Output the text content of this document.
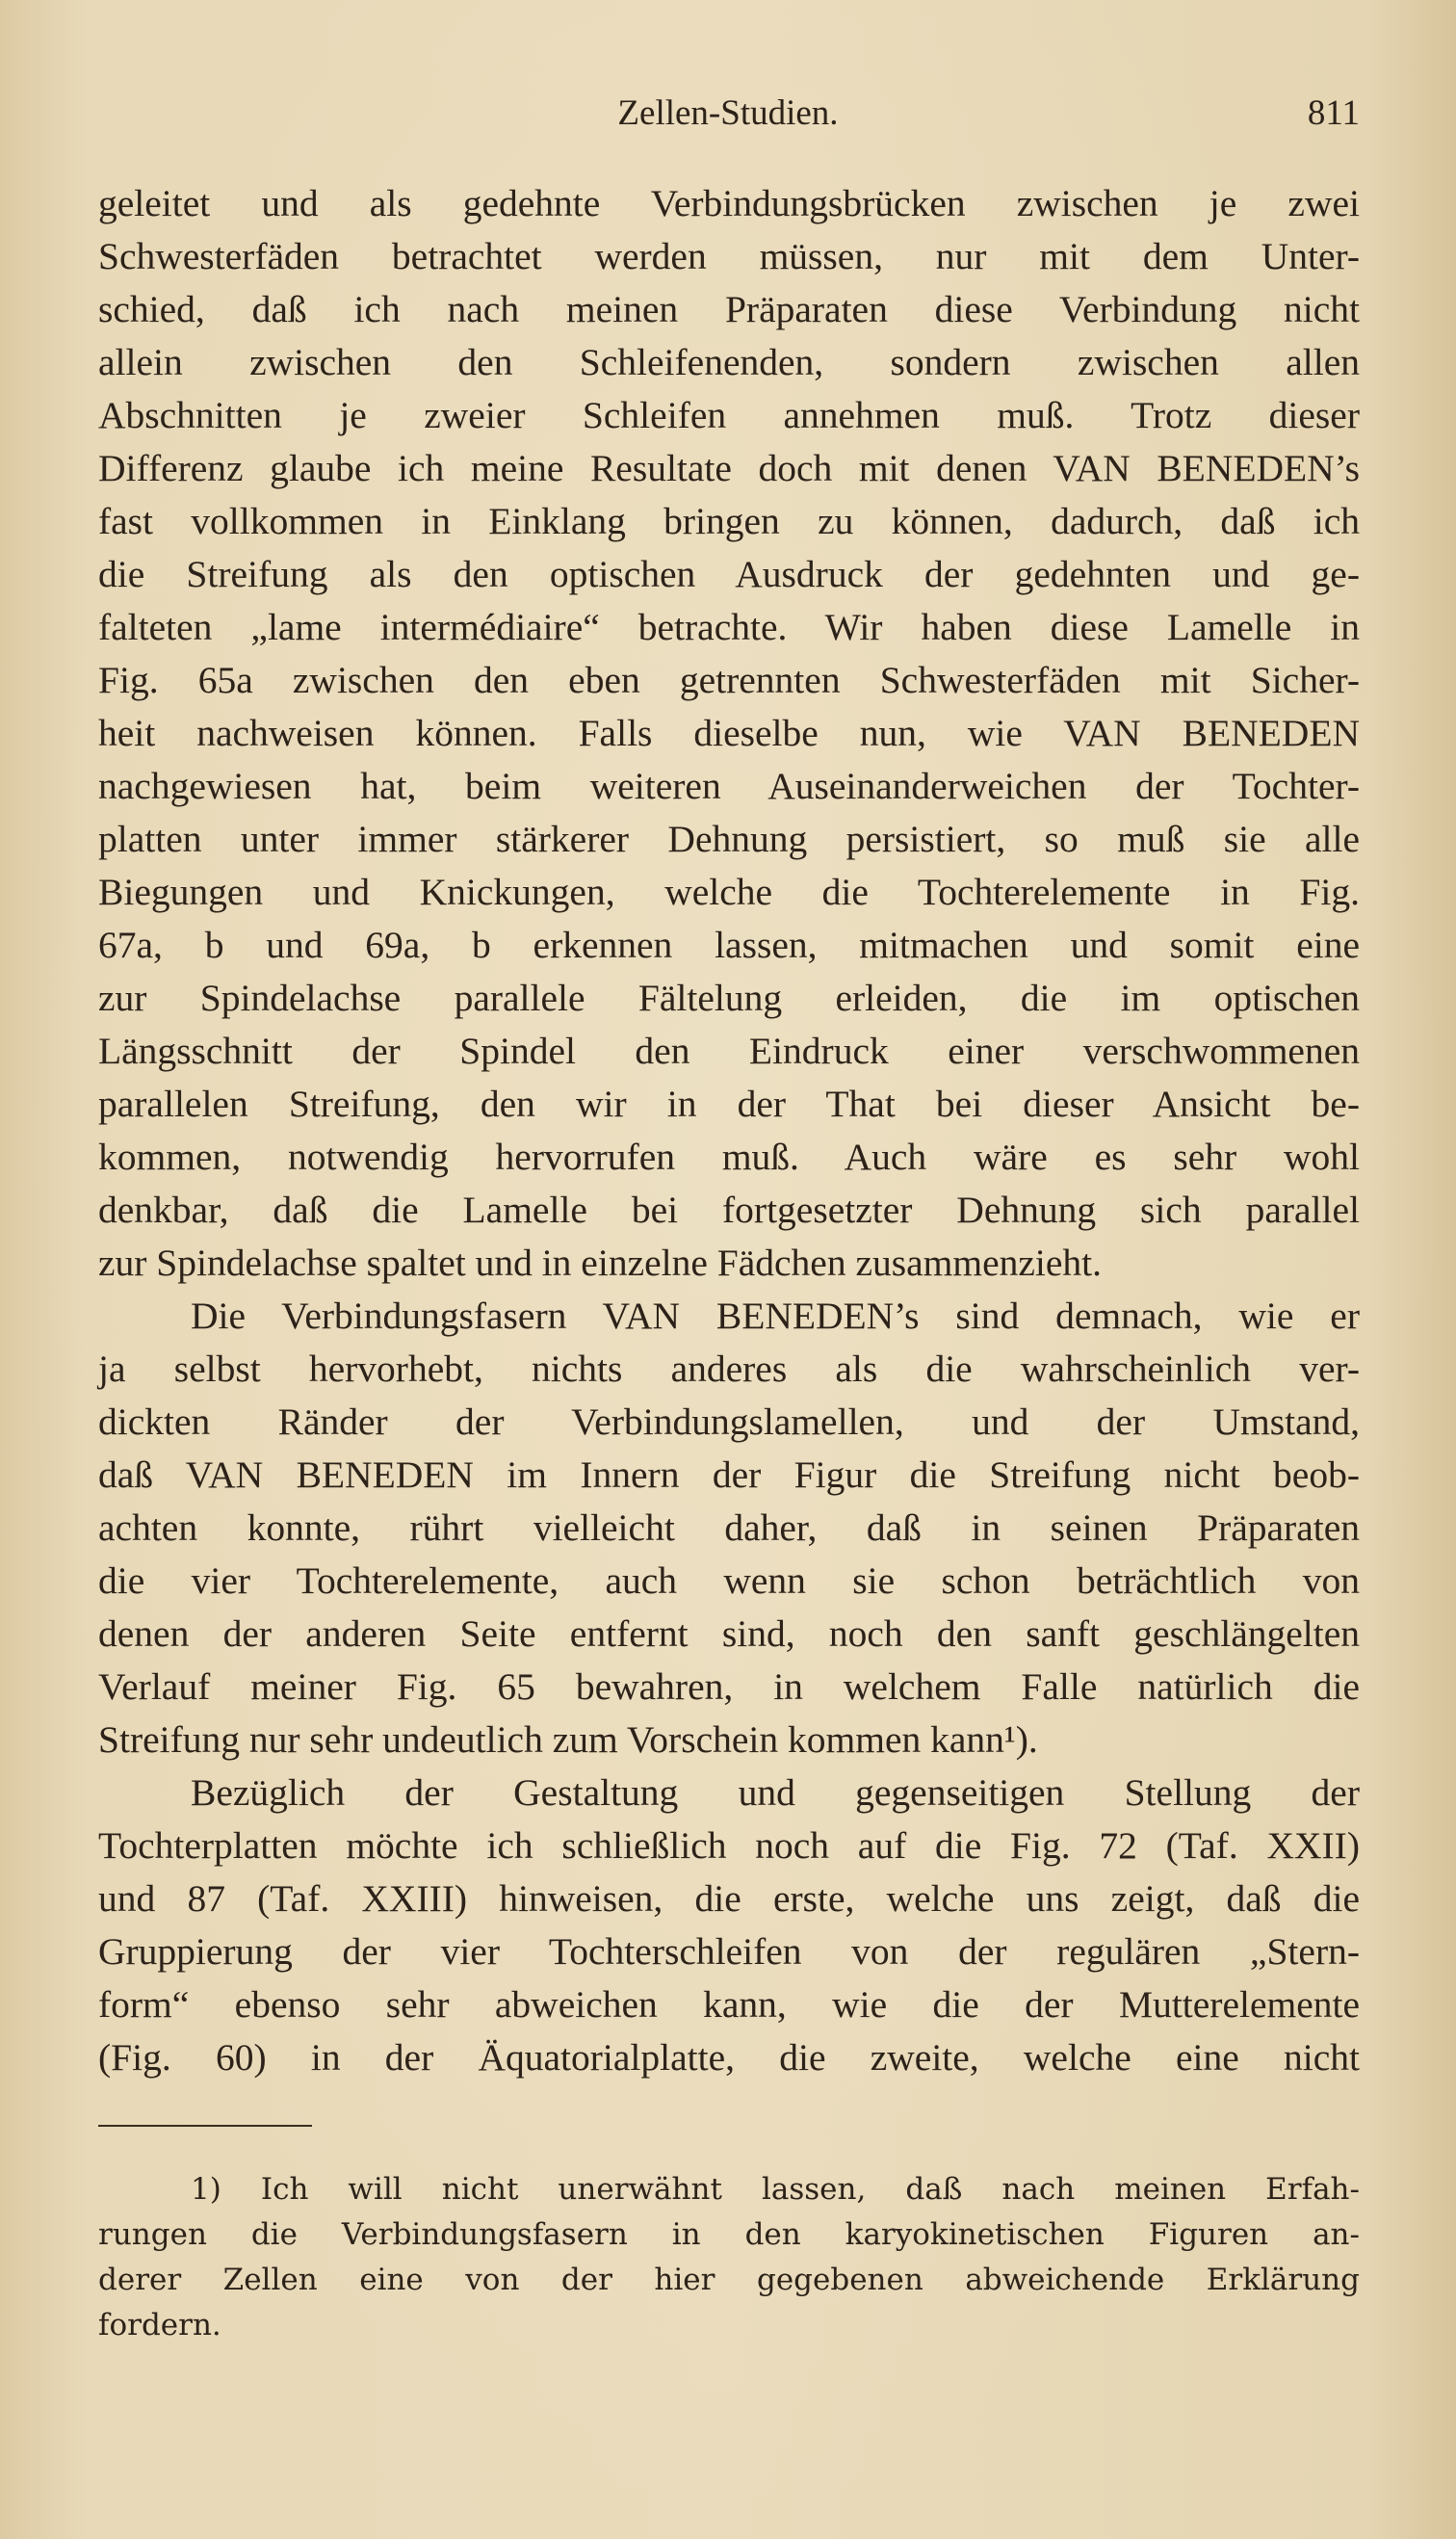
Zellen-Studien.	811
geleitet und als gedehnte Verbindungsbrücken zwischen je zwei
Schwesterfäden betrachtet werden müssen, nur mit dem Unter-
schied, daß ich nach meinen Präparaten diese Verbindung nicht
allein zwischen den Schleifenenden, sondern zwischen allen
Abschnitten je zweier Schleifen annehmen muß. Trotz dieser
Differenz glaube ich meine Resultate doch mit denen VAN BENEDEN’s
fast vollkommen in Einklang bringen zu können, dadurch, daß ich
die Streifung als den optischen Ausdruck der gedehnten und ge-
falteten „lame intermédiaire“ betrachte. Wir haben diese Lamelle in
Fig. 65a zwischen den eben getrennten Schwesterfäden mit Sicher-
heit nachweisen können. Falls dieselbe nun, wie VAN BENEDEN
nachgewiesen hat, beim weiteren Auseinanderweichen der Tochter-
platten unter immer stärkerer Dehnung persistiert, so muß sie alle
Biegungen und Knickungen, welche die Tochterelemente in Fig.
67a, b und 69a, b erkennen lassen, mitmachen und somit eine
zur Spindelachse parallele Fältelung erleiden, die im optischen
Längsschnitt der Spindel den Eindruck einer verschwommenen
parallelen Streifung, den wir in der That bei dieser Ansicht be-
kommen, notwendig hervorrufen muß. Auch wäre es sehr wohl
denkbar, daß die Lamelle bei fortgesetzter Dehnung sich parallel
zur Spindelachse spaltet und in einzelne Fädchen zusammenzieht.
Die Verbindungsfasern VAN BENEDEN’s sind demnach, wie er
ja selbst hervorhebt, nichts anderes als die wahrscheinlich ver-
dickten Ränder der Verbindungslamellen, und der Umstand,
daß VAN BENEDEN im Innern der Figur die Streifung nicht beob-
achten konnte, rührt vielleicht daher, daß in seinen Präparaten
die vier Tochterelemente, auch wenn sie schon beträchtlich von
denen der anderen Seite entfernt sind, noch den sanft geschlängelten
Verlauf meiner Fig. 65 bewahren, in welchem Falle natürlich die
Streifung nur sehr undeutlich zum Vorschein kommen kann¹).
Bezüglich der Gestaltung und gegenseitigen Stellung der
Tochterplatten möchte ich schließlich noch auf die Fig. 72 (Taf. XXII)
und 87 (Taf. XXIII) hinweisen, die erste, welche uns zeigt, daß die
Gruppierung der vier Tochterschleifen von der regulären „Stern-
form“ ebenso sehr abweichen kann, wie die der Mutterelemente
(Fig. 60) in der Äquatorialplatte, die zweite, welche eine nicht
1) Ich will nicht unerwähnt lassen, daß nach meinen Erfah-
rungen die Verbindungsfasern in den karyokinetischen Figuren an-
derer Zellen eine von der hier gegebenen abweichende Erklärung
fordern.
